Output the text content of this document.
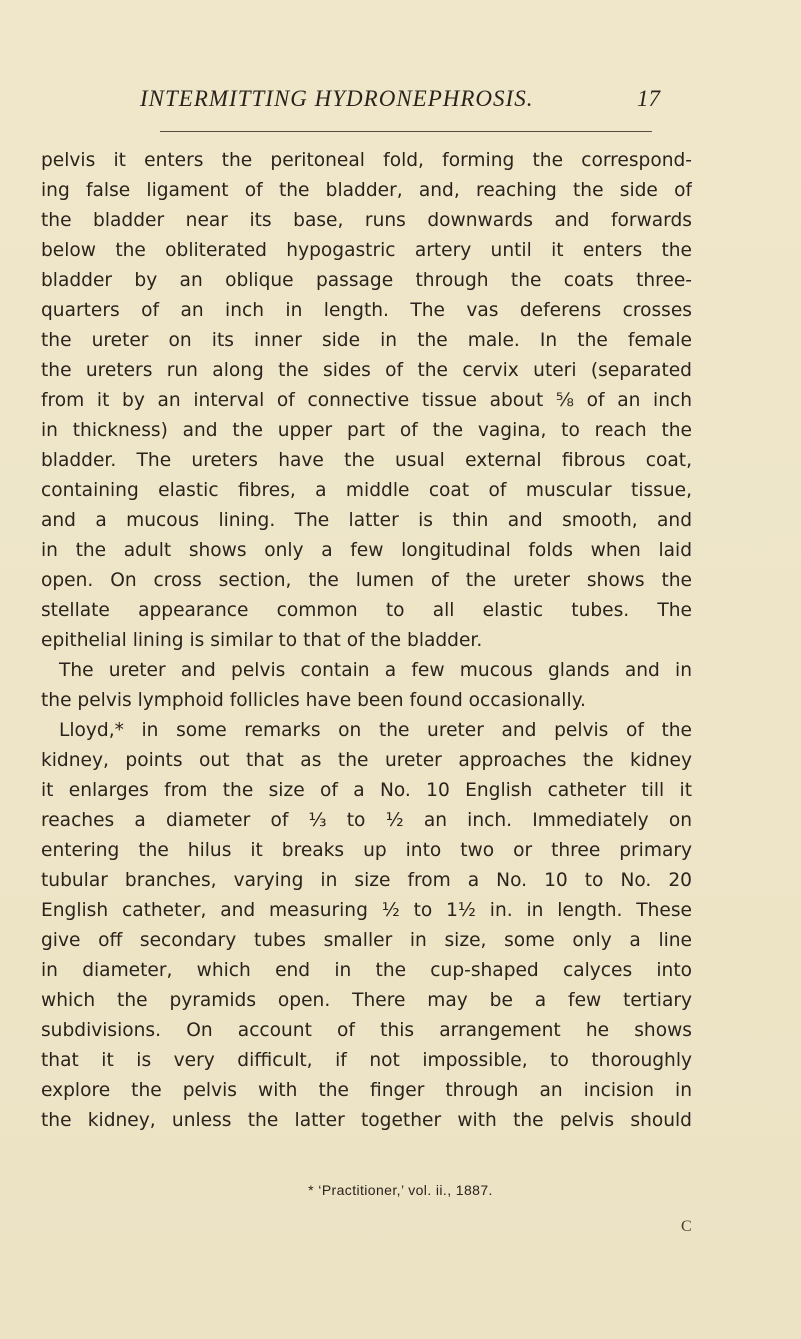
INTERMITTING HYDRONEPHROSIS.	17
pelvis it enters the peritoneal fold, forming the correspond-
ing false ligament of the bladder, and, reaching the side of
the bladder near its base, runs downwards and forwards
below the obliterated hypogastric artery until it enters the
bladder by an oblique passage through the coats three-
quarters of an inch in length. The vas deferens crosses
the ureter on its inner side in the male. In the female
the ureters run along the sides of the cervix uteri (separated
from it by an interval of connective tissue about ⅝ of an inch
in thickness) and the upper part of the vagina, to reach the
bladder. The ureters have the usual external fibrous coat,
containing elastic fibres, a middle coat of muscular tissue,
and a mucous lining. The latter is thin and smooth, and
in the adult shows only a few longitudinal folds when laid
open. On cross section, the lumen of the ureter shows the
stellate appearance common to all elastic tubes. The
epithelial lining is similar to that of the bladder.
The ureter and pelvis contain a few mucous glands and in
the pelvis lymphoid follicles have been found occasionally.
Lloyd,* in some remarks on the ureter and pelvis of the
kidney, points out that as the ureter approaches the kidney
it enlarges from the size of a No. 10 English catheter till it
reaches a diameter of ⅓ to ½ an inch. Immediately on
entering the hilus it breaks up into two or three primary
tubular branches, varying in size from a No. 10 to No. 20
English catheter, and measuring ½ to 1½ in. in length. These
give off secondary tubes smaller in size, some only a line
in diameter, which end in the cup-shaped calyces into
which the pyramids open. There may be a few tertiary
subdivisions. On account of this arrangement he shows
that it is very difficult, if not impossible, to thoroughly
explore the pelvis with the finger through an incision in
the kidney, unless the latter together with the pelvis should
* ‘Practitioner,’ vol. ii., 1887.
C
